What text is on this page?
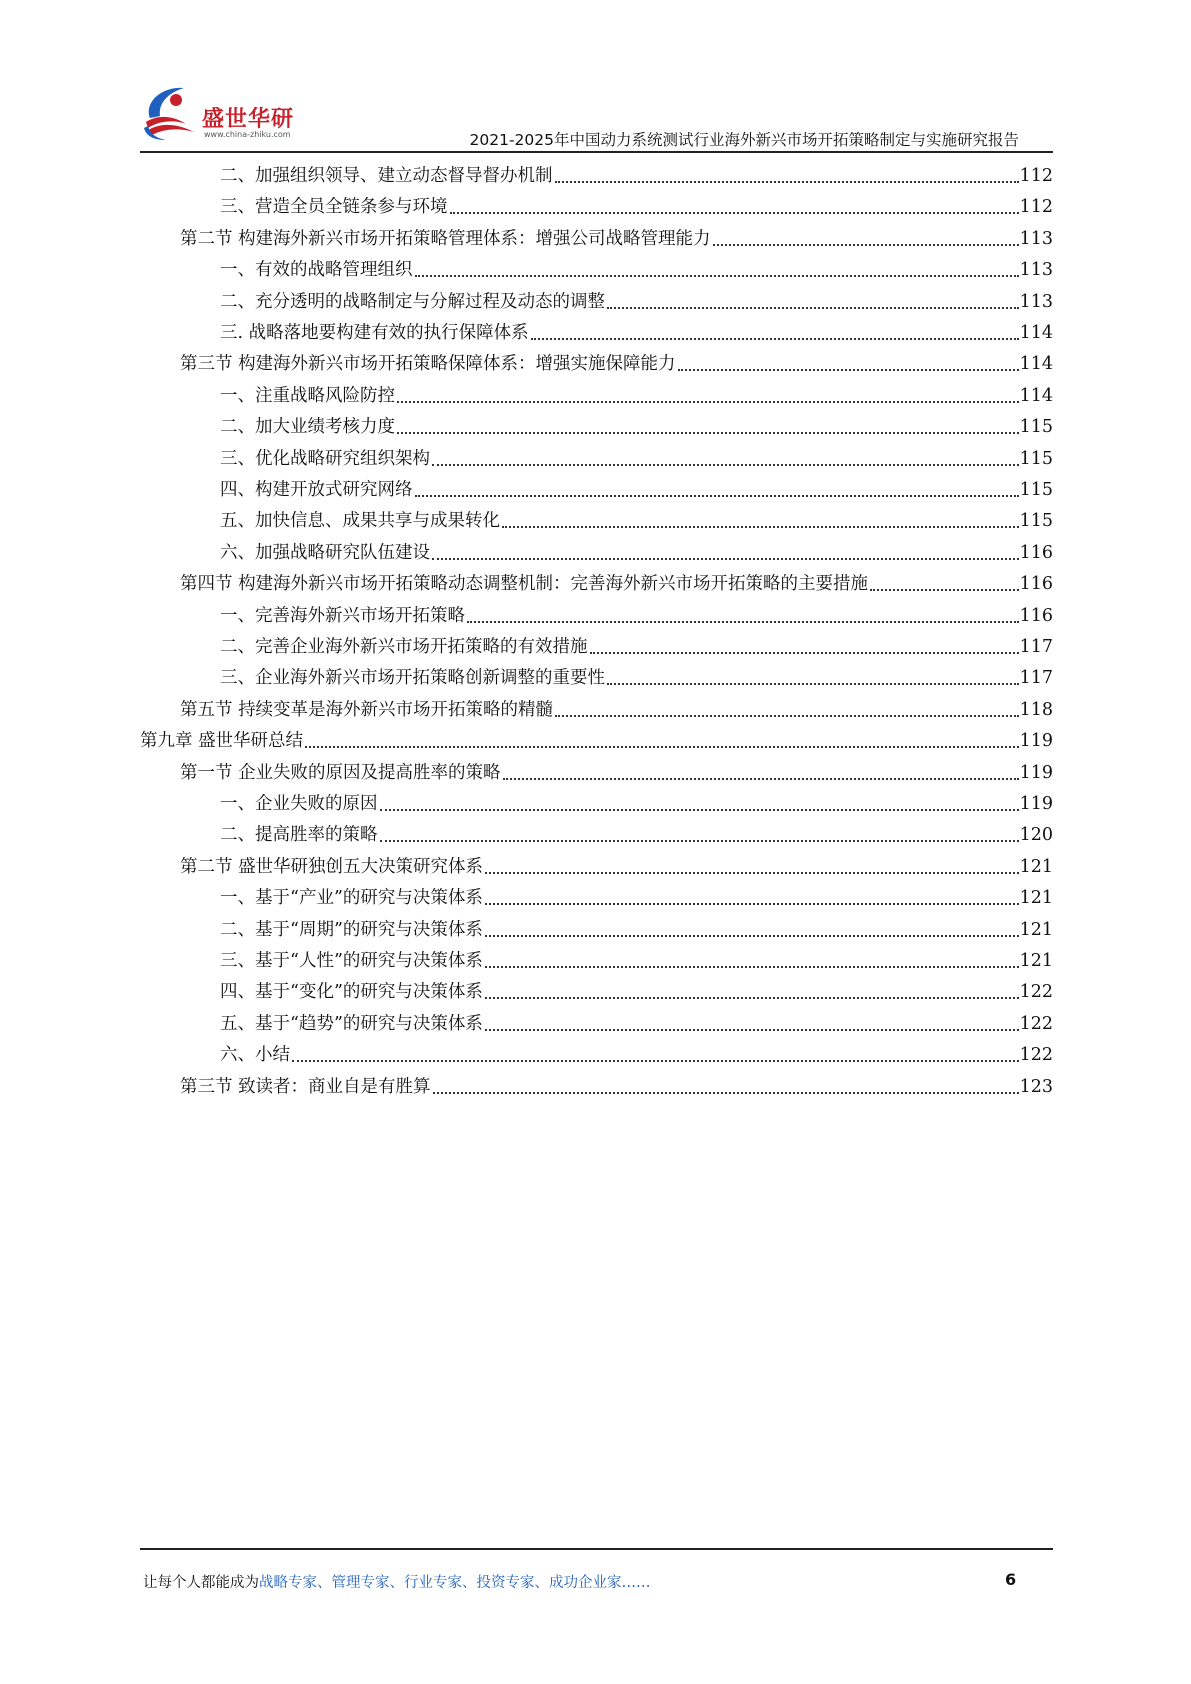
盛世华研
www.china-zhiku.com	2021-2025年中国动力系统测试行业海外新兴市场开拓策略制定与实施研究报告
二、加强组织领导、建立动态督导督办机制	112
三、营造全员全链条参与环境	112
第二节 构建海外新兴市场开拓策略管理体系：增强公司战略管理能力	113
一、有效的战略管理组织	113
二、充分透明的战略制定与分解过程及动态的调整	113
三. 战略落地要构建有效的执行保障体系	114
第三节 构建海外新兴市场开拓策略保障体系：增强实施保障能力	114
一、注重战略风险防控	114
二、加大业绩考核力度	115
三、优化战略研究组织架构	115
四、构建开放式研究网络	115
五、加快信息、成果共享与成果转化	115
六、加强战略研究队伍建设	116
第四节 构建海外新兴市场开拓策略动态调整机制：完善海外新兴市场开拓策略的主要措施	116
一、完善海外新兴市场开拓策略	116
二、完善企业海外新兴市场开拓策略的有效措施	117
三、企业海外新兴市场开拓策略创新调整的重要性	117
第五节 持续变革是海外新兴市场开拓策略的精髓	118
第九章 盛世华研总结	119
第一节 企业失败的原因及提高胜率的策略	119
一、企业失败的原因	119
二、提高胜率的策略	120
第二节 盛世华研独创五大决策研究体系	121
一、基于“产业”的研究与决策体系	121
二、基于“周期”的研究与决策体系	121
三、基于“人性”的研究与决策体系	121
四、基于“变化”的研究与决策体系	122
五、基于“趋势”的研究与决策体系	122
六、小结	122
第三节 致读者：商业自是有胜算	123
让每个人都能成为战略专家、管理专家、行业专家、投资专家、成功企业家……	6
